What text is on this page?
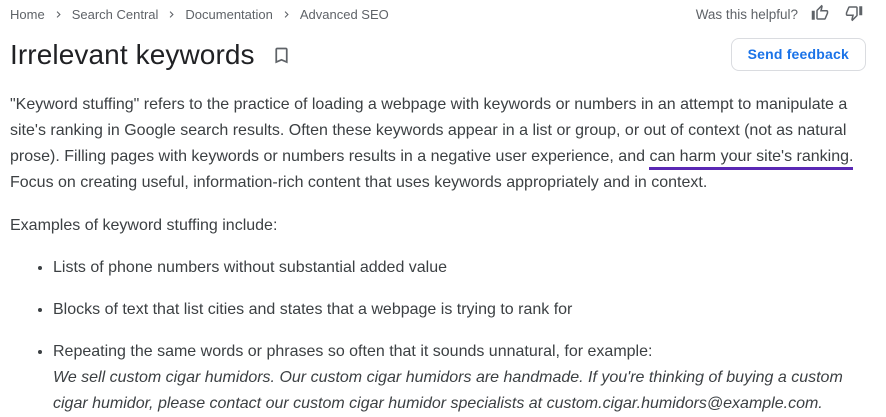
Home Search Central Documentation Advanced SEO	Was this helpful?
Irrelevant keywords	Send feedback

"Keyword stuffing" refers to the practice of loading a webpage with keywords or numbers in an attempt to manipulate a site's ranking in Google search results. Often these keywords appear in a list or group, or out of context (not as natural prose). Filling pages with keywords or numbers results in a negative user experience, and can harm your site's ranking. Focus on creating useful, information-rich content that uses keywords appropriately and in context.

Examples of keyword stuffing include:

• Lists of phone numbers without substantial added value
• Blocks of text that list cities and states that a webpage is trying to rank for
• Repeating the same words or phrases so often that it sounds unnatural, for example:
We sell custom cigar humidors. Our custom cigar humidors are handmade. If you're thinking of buying a custom cigar humidor, please contact our custom cigar humidor specialists at custom.cigar.humidors@example.com.
